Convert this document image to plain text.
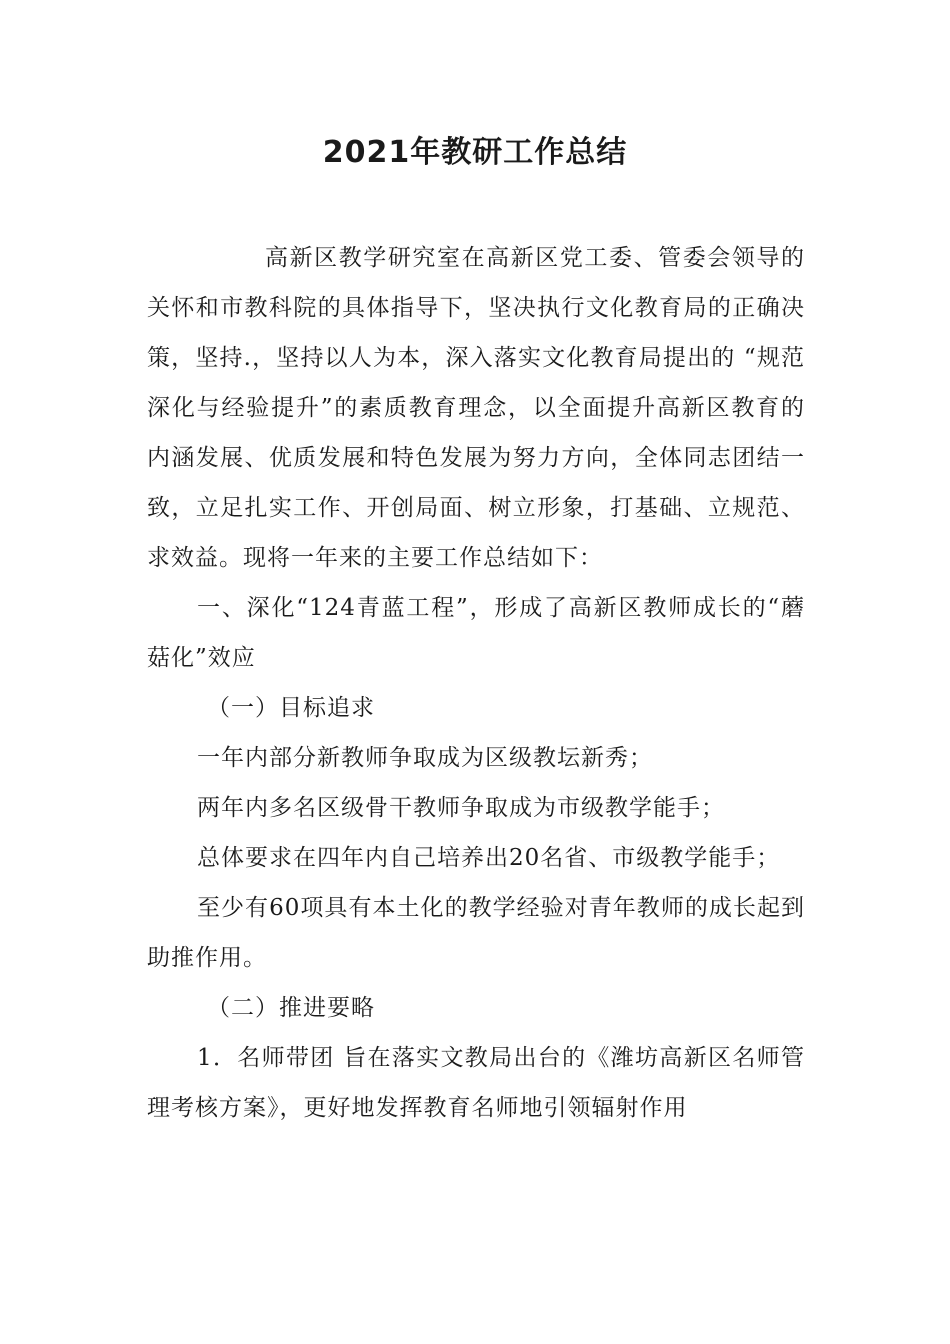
2021年教研工作总结

高新区教学研究室在高新区党工委、管委会领导的关怀和市教科院的具体指导下，坚决执行文化教育局的正确决策，坚持.，坚持以人为本，深入落实文化教育局提出的 “规范深化与经验提升”的素质教育理念，以全面提升高新区教育的内涵发展、优质发展和特色发展为努力方向，全体同志团结一致，立足扎实工作、开创局面、树立形象，打基础、立规范、求效益。现将一年来的主要工作总结如下：

一、深化“124青蓝工程”，形成了高新区教师成长的“蘑菇化”效应

（一）目标追求

一年内部分新教师争取成为区级教坛新秀；

两年内多名区级骨干教师争取成为市级教学能手；

总体要求在四年内自己培养出20名省、市级教学能手；

至少有60项具有本土化的教学经验对青年教师的成长起到助推作用。

（二）推进要略

1．名师带团 旨在落实文教局出台的《潍坊高新区名师管理考核方案》，更好地发挥教育名师地引领辐射作用
